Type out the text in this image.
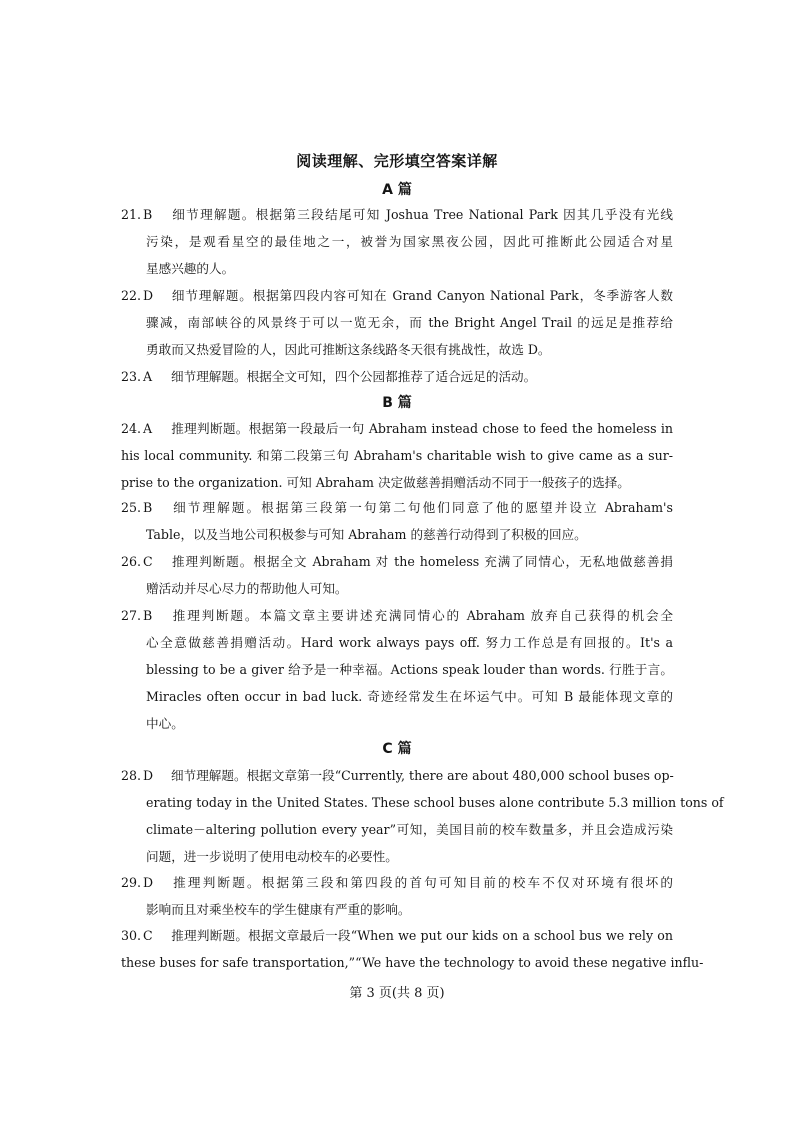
阅读理解、完形填空答案详解
A 篇
21. B 细节理解题。根据第三段结尾可知 Joshua Tree National Park 因其几乎没有光线
污染，是观看星空的最佳地之一，被誉为国家黑夜公园，因此可推断此公园适合对星
星感兴趣的人。
22. D 细节理解题。根据第四段内容可知在 Grand Canyon National Park，冬季游客人数
骤减，南部峡谷的风景终于可以一览无余，而 the Bright Angel Trail 的远足是推荐给
勇敢而又热爱冒险的人，因此可推断这条线路冬天很有挑战性，故选 D。
23. A 细节理解题。根据全文可知，四个公园都推荐了适合远足的活动。
B 篇
24. A 推理判断题。根据第一段最后一句 Abraham instead chose to feed the homeless in
his local community. 和第二段第三句 Abraham's charitable wish to give came as a sur-
prise to the organization. 可知 Abraham 决定做慈善捐赠活动不同于一般孩子的选择。
25. B 细节理解题。根据第三段第一句第二句他们同意了他的愿望并设立 Abraham's
Table，以及当地公司积极参与可知 Abraham 的慈善行动得到了积极的回应。
26. C 推理判断题。根据全文 Abraham 对 the homeless 充满了同情心，无私地做慈善捐
赠活动并尽心尽力的帮助他人可知。
27. B 推理判断题。本篇文章主要讲述充满同情心的 Abraham 放弃自己获得的机会全
心全意做慈善捐赠活动。Hard work always pays off. 努力工作总是有回报的。It's a
blessing to be a giver 给予是一种幸福。Actions speak louder than words. 行胜于言。
Miracles often occur in bad luck. 奇迹经常发生在坏运气中。可知 B 最能体现文章的
中心。
C 篇
28. D 细节理解题。根据文章第一段“Currently, there are about 480,000 school buses op-
erating today in the United States. These school buses alone contribute 5.3 million tons of
climate－altering pollution every year”可知，美国目前的校车数量多，并且会造成污染
问题，进一步说明了使用电动校车的必要性。
29. D 推理判断题。根据第三段和第四段的首句可知目前的校车不仅对环境有很坏的
影响而且对乘坐校车的学生健康有严重的影响。
30. C 推理判断题。根据文章最后一段“When we put our kids on a school bus we rely on
these buses for safe transportation,”“We have the technology to avoid these negative influ-
第 3 页(共 8 页)
